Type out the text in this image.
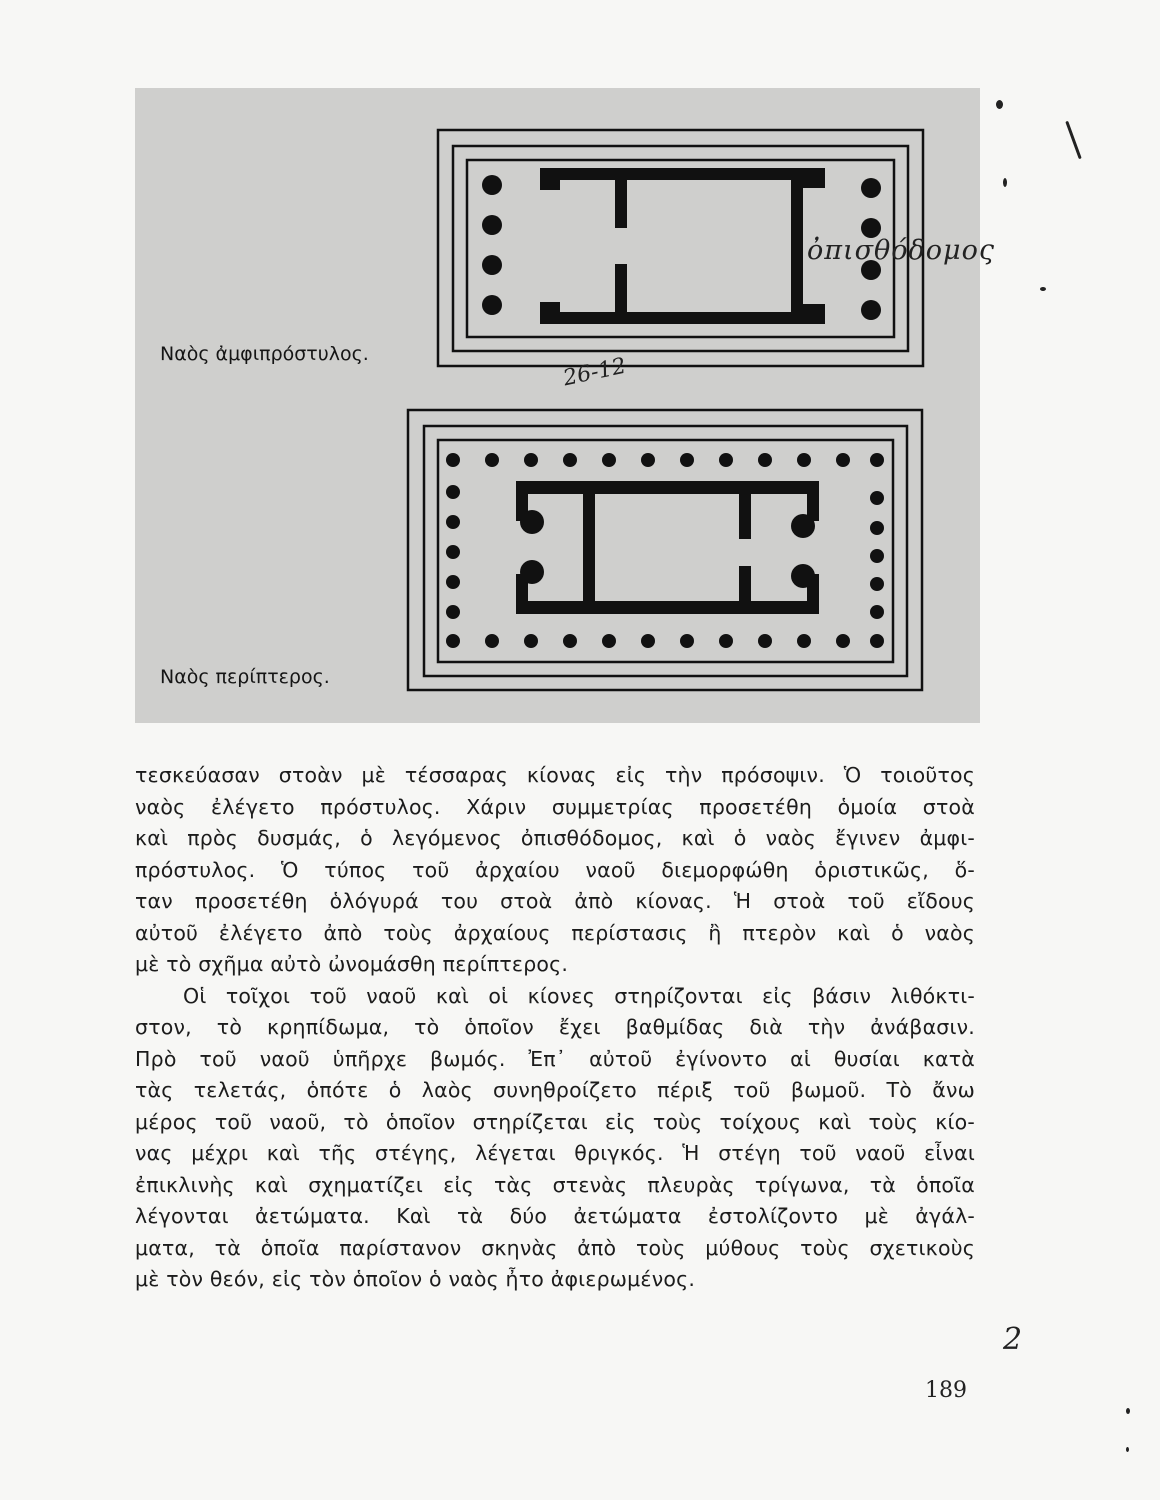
Ναὸς ἀμφιπρόστυλος.
Ναὸς περίπτερος.
ὀπισθόδομος
26-12
τεσκεύασαν στοὰν μὲ τέσσαρας κίονας εἰς τὴν πρόσοψιν. Ὁ τοιοῦτος
ναὸς ἐλέγετο πρόστυλος. Χάριν συμμετρίας προσετέθη ὁμοία στοὰ
καὶ πρὸς δυσμάς, ὁ λεγόμενος ὀπισθόδομος, καὶ ὁ ναὸς ἔγινεν ἀμφι-
πρόστυλος. Ὁ τύπος τοῦ ἀρχαίου ναοῦ διεμορφώθη ὁριστικῶς, ὅ-
ταν προσετέθη ὁλόγυρά του στοὰ ἀπὸ κίονας. Ἡ στοὰ τοῦ εἴδους
αὐτοῦ ἐλέγετο ἀπὸ τοὺς ἀρχαίους περίστασις ἢ πτερὸν καὶ ὁ ναὸς
μὲ τὸ σχῆμα αὐτὸ ὠνομάσθη περίπτερος.
Οἱ τοῖχοι τοῦ ναοῦ καὶ οἱ κίονες στηρίζονται εἰς βάσιν λιθόκτι-
στον, τὸ κρηπίδωμα, τὸ ὁποῖον ἔχει βαθμίδας διὰ τὴν ἀνάβασιν.
Πρὸ τοῦ ναοῦ ὑπῆρχε βωμός. Ἐπ᾽ αὐτοῦ ἐγίνοντο αἱ θυσίαι κατὰ
τὰς τελετάς, ὁπότε ὁ λαὸς συνηθροίζετο πέριξ τοῦ βωμοῦ. Τὸ ἄνω
μέρος τοῦ ναοῦ, τὸ ὁποῖον στηρίζεται εἰς τοὺς τοίχους καὶ τοὺς κίο-
νας μέχρι καὶ τῆς στέγης, λέγεται θριγκός. Ἡ στέγη τοῦ ναοῦ εἶναι
ἐπικλινὴς καὶ σχηματίζει εἰς τὰς στενὰς πλευρὰς τρίγωνα, τὰ ὁποῖα
λέγονται ἀετώματα. Καὶ τὰ δύο ἀετώματα ἐστολίζοντο μὲ ἀγάλ-
ματα, τὰ ὁποῖα παρίστανον σκηνὰς ἀπὸ τοὺς μύθους τοὺς σχετικοὺς
μὲ τὸν θεόν, εἰς τὸν ὁποῖον ὁ ναὸς ἦτο ἀφιερωμένος.
189
2
